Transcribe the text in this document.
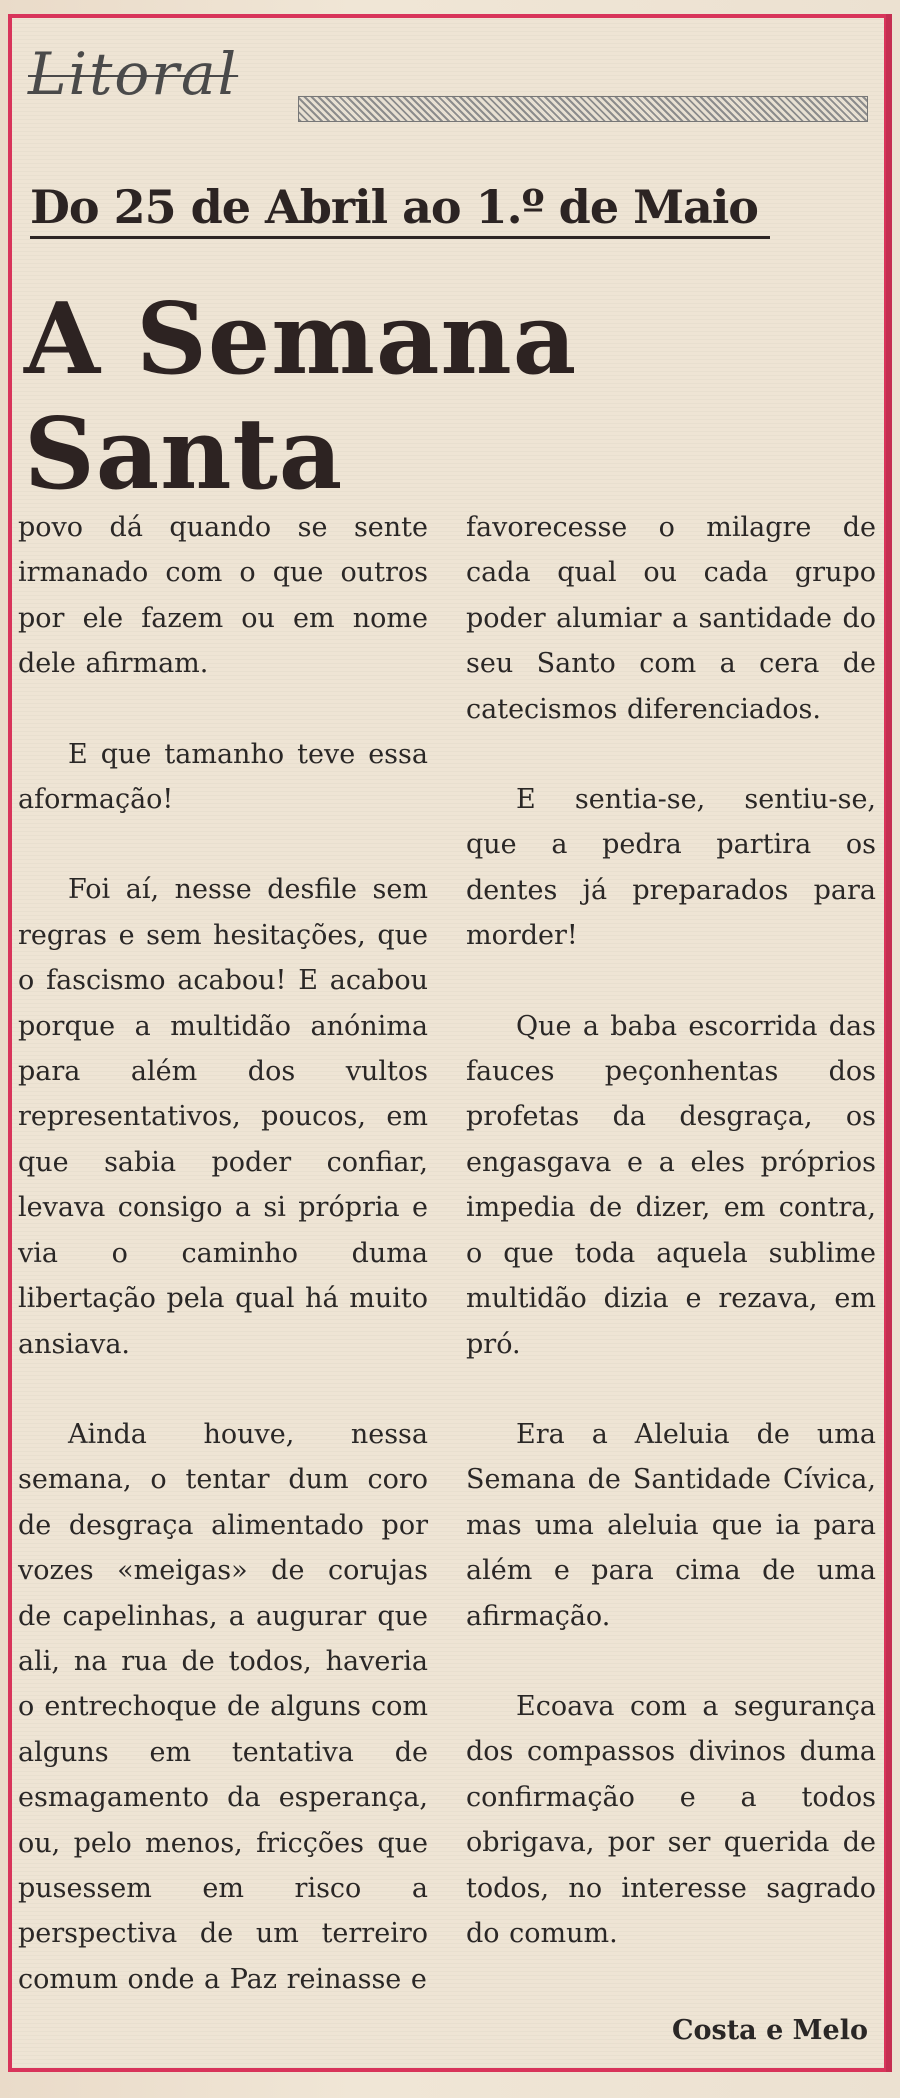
Litoral
Do 25 de Abril ao 1.º de Maio
A Semana Santa

povo dá quando se sente irmanado com o que outros por ele fazem ou em nome dele afirmam.

E que tamanho teve essa aformação!

Foi aí, nesse desfile sem regras e sem hesitações, que o fascismo acabou! E acabou porque a multidão anónima para além dos vultos representativos, poucos, em que sabia poder confiar, levava consigo a si própria e via o caminho duma libertação pela qual há muito ansiava.

Ainda houve, nessa semana, o tentar dum coro de desgraça alimentado por vozes «meigas» de corujas de capelinhas, a augurar que ali, na rua de todos, haveria o entrechoque de alguns com alguns em tentativa de esmagamento da esperança, ou, pelo menos, fricções que pusessem em risco a perspectiva de um terreiro comum onde a Paz reinasse e

favorecesse o milagre de cada qual ou cada grupo poder alumiar a santidade do seu Santo com a cera de catecismos diferenciados.

E sentia-se, sentiu-se, que a pedra partira os dentes já preparados para morder!

Que a baba escorrida das fauces peçonhentas dos profetas da desgraça, os engasgava e a eles próprios impedia de dizer, em contra, o que toda aquela sublime multidão dizia e rezava, em pró.

Era a Aleluia de uma Semana de Santidade Cívica, mas uma aleluia que ia para além e para cima de uma afirmação.

Ecoava com a segurança dos compassos divinos duma confirmação e a todos obrigava, por ser querida de todos, no interesse sagrado do comum.

Costa e Melo
